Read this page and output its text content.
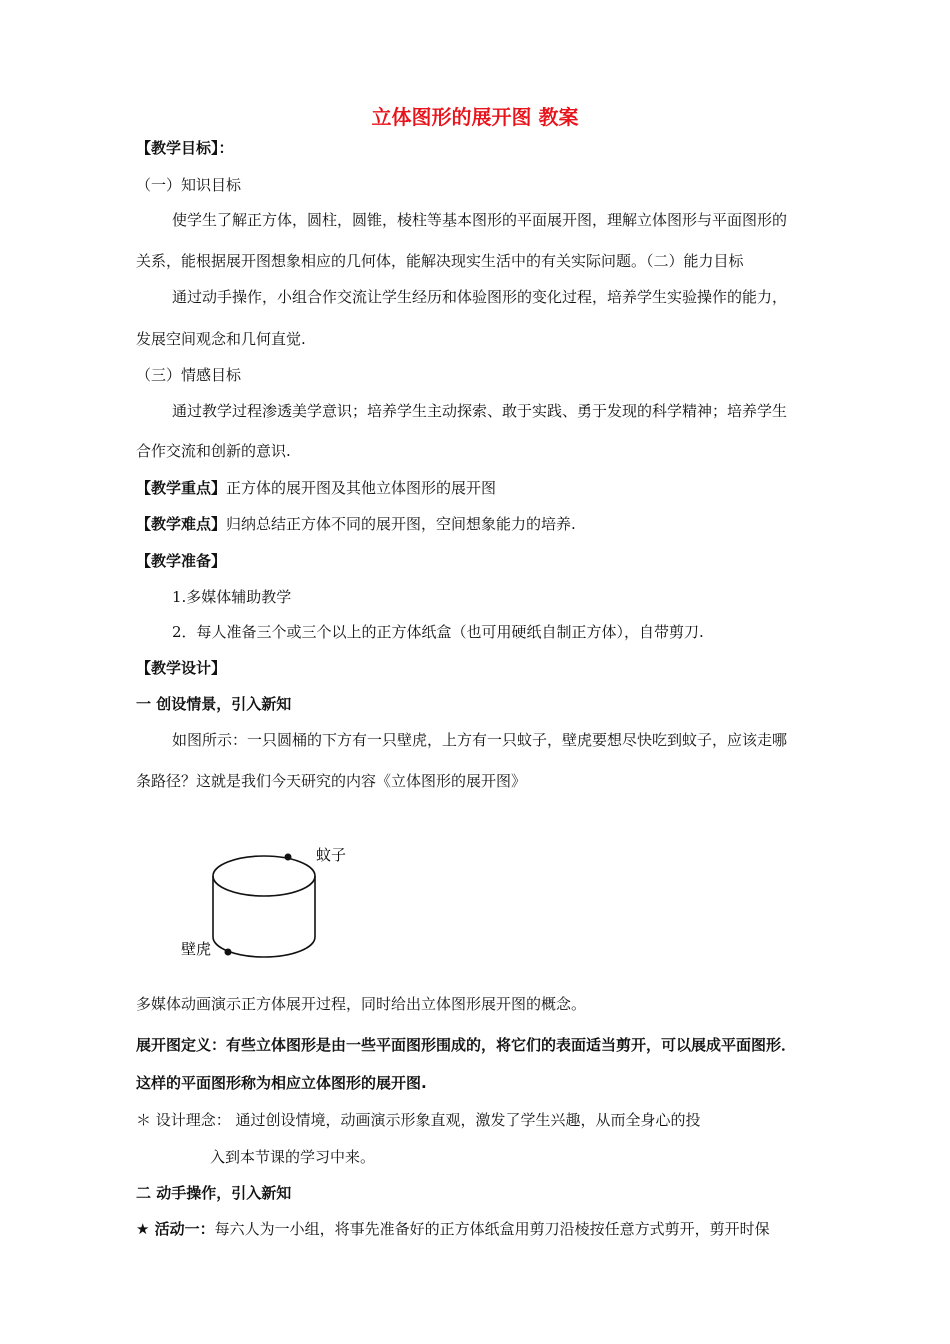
立体图形的展开图 教案
【教学目标】：
（一）知识目标
使学生了解正方体，圆柱，圆锥，棱柱等基本图形的平面展开图，理解立体图形与平面图形的
关系，能根据展开图想象相应的几何体，能解决现实生活中的有关实际问题。（二）能力目标
通过动手操作，小组合作交流让学生经历和体验图形的变化过程，培养学生实验操作的能力，
发展空间观念和几何直觉.
（三）情感目标
通过教学过程渗透美学意识；培养学生主动探索、敢于实践、勇于发现的科学精神；培养学生
合作交流和创新的意识.
【教学重点】正方体的展开图及其他立体图形的展开图
【教学难点】归纳总结正方体不同的展开图，空间想象能力的培养.
【教学准备】
1.多媒体辅助教学
2．每人准备三个或三个以上的正方体纸盒（也可用硬纸自制正方体），自带剪刀.
【教学设计】
一 创设情景，引入新知
如图所示：一只圆桶的下方有一只壁虎，上方有一只蚊子，壁虎要想尽快吃到蚊子，应该走哪
条路径？这就是我们今天研究的内容《立体图形的展开图》
蚊子
壁虎
多媒体动画演示正方体展开过程，同时给出立体图形展开图的概念。
展开图定义：有些立体图形是由一些平面图形围成的，将它们的表面适当剪开，可以展成平面图形．
这样的平面图形称为相应立体图形的展开图.
＊ 设计理念： 通过创设情境，动画演示形象直观，激发了学生兴趣，从而全身心的投
入到本节课的学习中来。
二 动手操作，引入新知
★ 活动一：每六人为一小组，将事先准备好的正方体纸盒用剪刀沿棱按任意方式剪开，剪开时保
